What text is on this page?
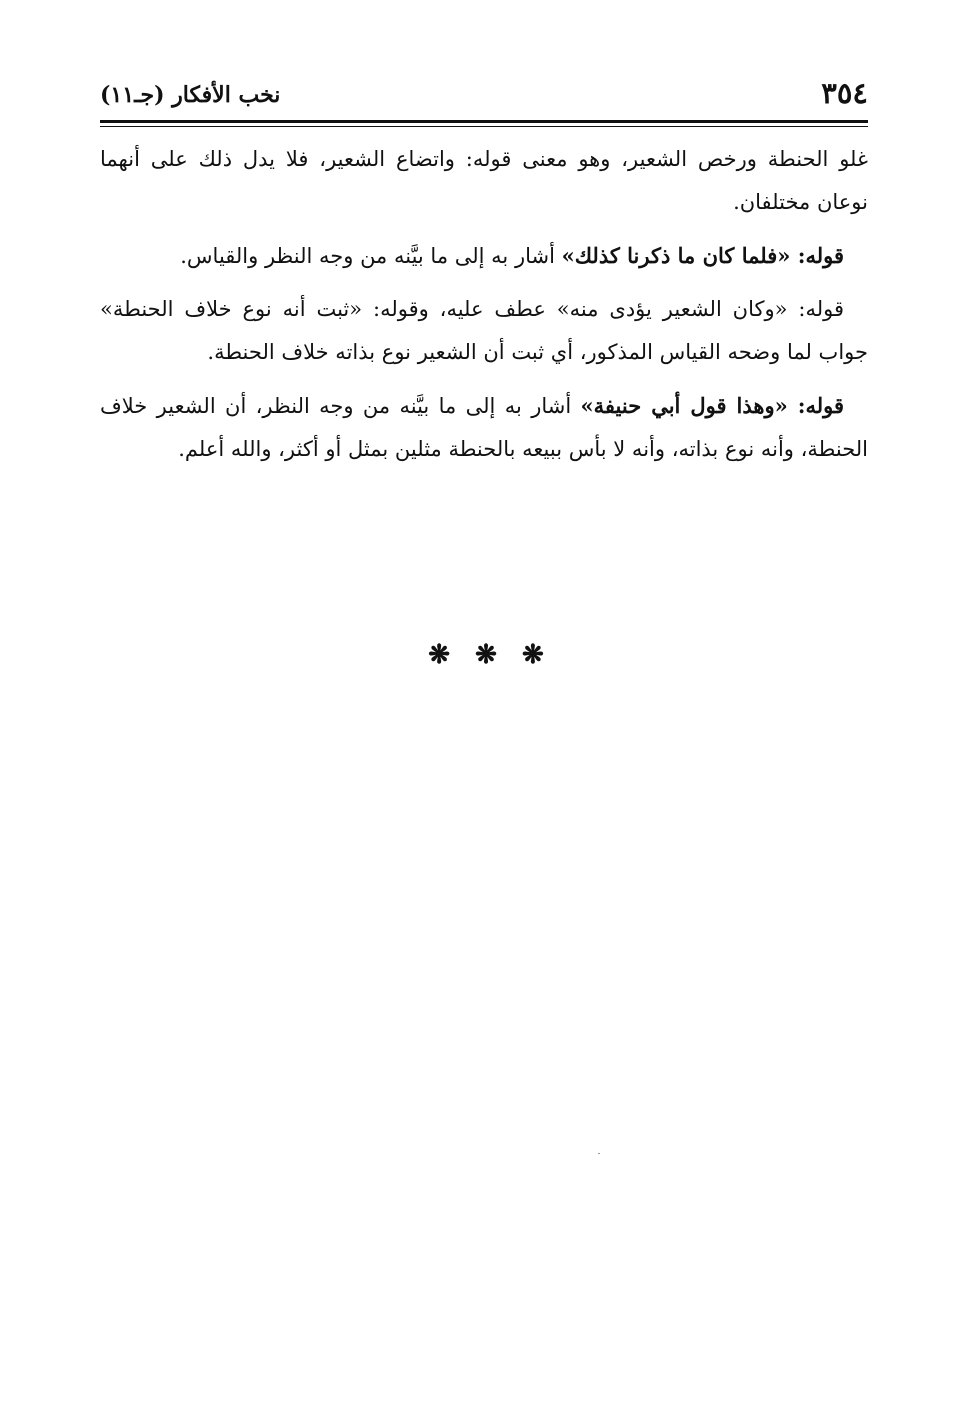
٣٥٤
نخب الأفكار (جـ١١)

غلو الحنطة ورخص الشعير، وهو معنى قوله: واتضاع الشعير، فلا يدل ذلك على أنهما نوعان مختلفان.

قوله: «فلما كان ما ذكرنا كذلك» أشار به إلى ما بيَّنه من وجه النظر والقياس.

قوله: «وكان الشعير يؤدى منه» عطف عليه، وقوله: «ثبت أنه نوع خلاف الحنطة» جواب لما وضحه القياس المذكور، أي ثبت أن الشعير نوع بذاته خلاف الحنطة.

قوله: «وهذا قول أبي حنيفة» أشار به إلى ما بيَّنه من وجه النظر، أن الشعير خلاف الحنطة، وأنه نوع بذاته، وأنه لا بأس ببيعه بالحنطة مثلين بمثل أو أكثر، والله أعلم.

❋ ❋ ❋
